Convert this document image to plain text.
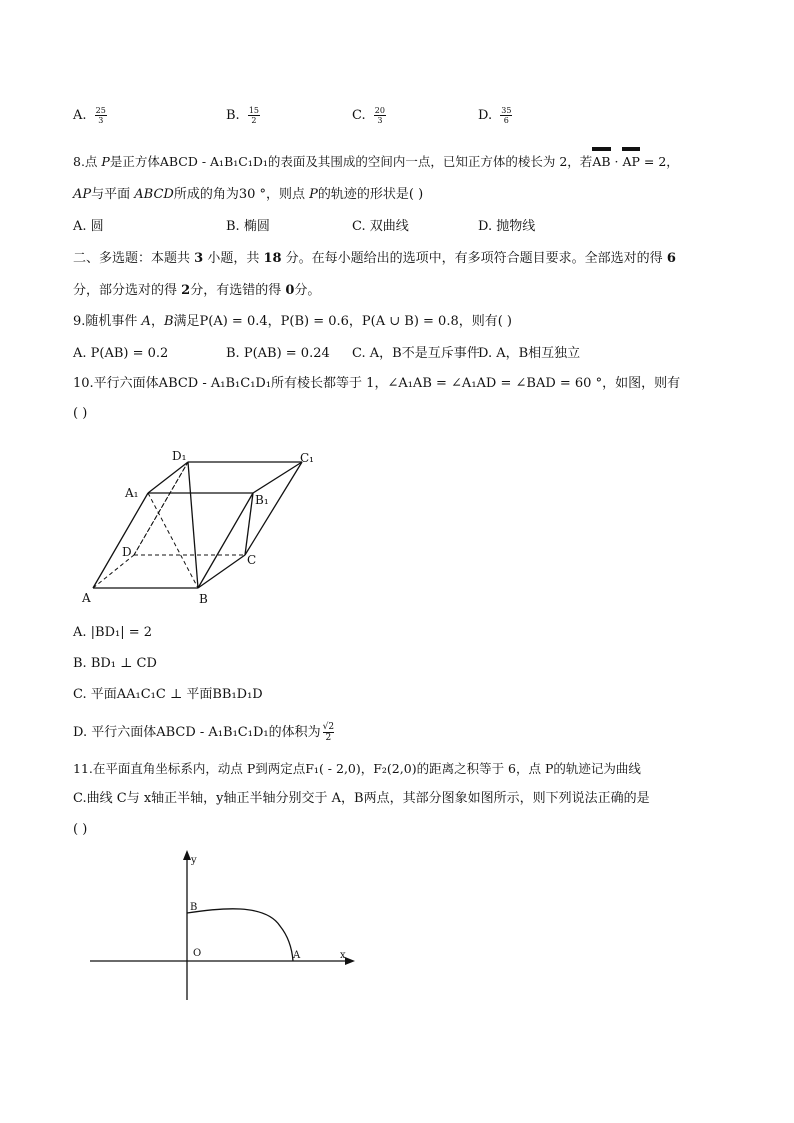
A. $\frac{25}{3}$	B. $\frac{15}{2}$	C. $\frac{20}{3}$	D. $\frac{35}{6}$
8.点 P是正方体ABCD - A₁B₁C₁D₁的表面及其围成的空间内一点，已知正方体的棱长为 2，若AB · AP = 2，
AP与平面 ABCD所成的角为30 °，则点 P的轨迹的形状是( )
A. 圆	B. 椭圆	C. 双曲线	D. 抛物线
二、多选题：本题共 3 小题，共 18 分。在每小题给出的选项中，有多项符合题目要求。全部选对的得 6
分，部分选对的得 2分，有选错的得 0分。
9.随机事件 A，B满足P(A) = 0.4，P(B) = 0.6，P(A ∪ B) = 0.8，则有( )
A. P(AB) = 0.2	B. P(AB) = 0.24 C. A，B不是互斥事件
D. A，B相互独立
10.平行六面体ABCD - A₁B₁C₁D₁所有棱长都等于 1，∠A₁AB = ∠A₁AD = ∠BAD = 60 °，如图，则有
( )
A	B
C
D
A₁	B₁
C₁
D₁
A. |BD₁| = 2
B. BD₁ ⊥ CD
C. 平面AA₁C₁C ⊥ 平面BB₁D₁D
D. 平行六面体ABCD - A₁B₁C₁D₁的体积为 $\frac{√2}{2}$
11.在平面直角坐标系内，动点 P到两定点F₁( - 2,0)，F₂(2,0)的距离之积等于 6，点 P的轨迹记为曲线
C.曲线 C与 x轴正半轴，y轴正半轴分别交于 A，B两点，其部分图象如图所示，则下列说法正确的是
( )
y
x
B
O	A
